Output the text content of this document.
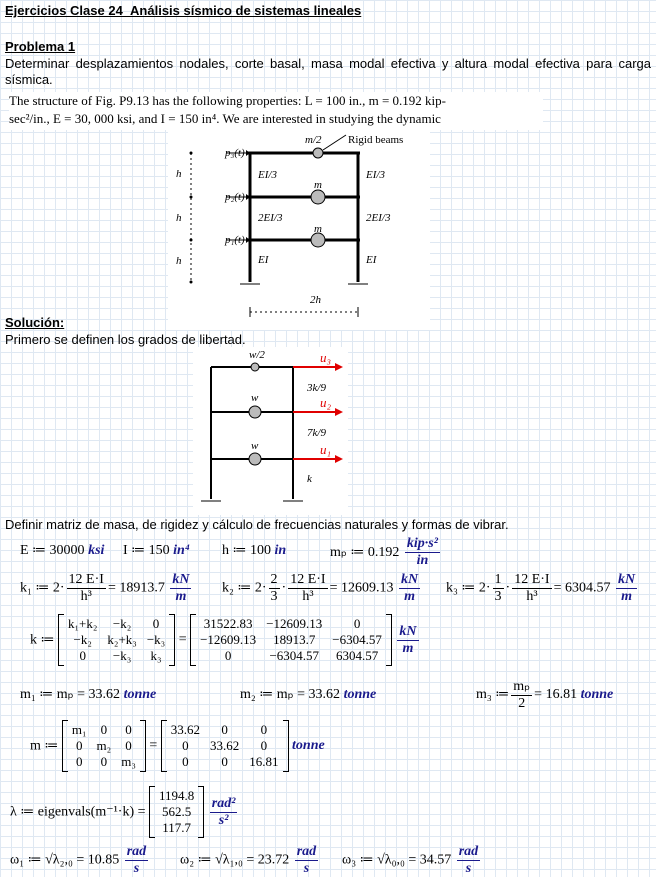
Ejercicios Clase 24_Análisis sísmico de sistemas lineales
Problema 1
Determinar desplazamientos nodales, corte basal, masa modal efectiva y altura modal efectiva para carga sísmica.
The structure of Fig. P9.13 has the following properties: L = 100 in., m = 0.192 kip-
sec²/in., E = 30, 000 ksi, and I = 150 in⁴. We are interested in studying the dynamic
m/2 Rigid beams
m
m
p₃(t)
p₂(t)
p₁(t)
h
h
h
EI/3	EI/3
2EI/3	2EI/3
EI	EI
2h
Solución:
Primero se definen los grados de libertad.
w/2
w
w
u₃
u₂
u₁
3k/9
7k/9
k
Definir matriz de masa, de rigidez y cálculo de frecuencias naturales y formas de vibrar.
E ≔ 30000 ksi I ≔ 150 in⁴ h ≔ 100 in	mₚ ≔ $0.192 \frac{\text{kip·s²}}{in}$
k₁ ≔ $2\cdot \frac{12 E\cdot I}{\text{h³}} = 18913.7 \frac{kN}{m} k_2$ ≔ $2\cdot \frac{2}{3} \cdot \frac{12 E\cdot I}{\text{h³}} = 12609.13 \frac{kN}{m} k_3$ ≔ $2\cdot \frac{1}{3} \cdot \frac{12 E\cdot I}{\text{h³}} = 6304.57 \frac{kN}{m}$
k ≔
k₁+k₂	−k₂	0
−k₂	k₂+k₃	−k₃
0	−k₃	k₃
=
31522.83	−12609.13	0
−12609.13	18913.7	−6304.57
0	−6304.57	6304.57
$\frac{kN}{m}$
m₁ ≔ mₚ = 33.62 tonne	m₂ ≔ mₚ = 33.62 tonne	m₃ ≔ $\frac{\text{mₚ}}{2} = 16.81$ tonne
m ≔
m₁	0	0
0	m₂	0
0	0	m₃
=
33.62	0	0
0	33.62	0
0	0	16.81
tonne
λ ≔ eigenvals(m⁻¹·k) =
1194.8
562.5
117.7
$\frac{\text{rad²}}{\text{s²}}$
ω₁ ≔ $√\lambda_2,_0 = 10.85 \frac{\text{rad}}{s} \omega_2$ ≔ $√\lambda_1,_0 = 23.72 \frac{\text{rad}}{s} \omega_3$ ≔ $√\lambda_0,_0 = 34.57 \frac{\text{rad}}{s}$
